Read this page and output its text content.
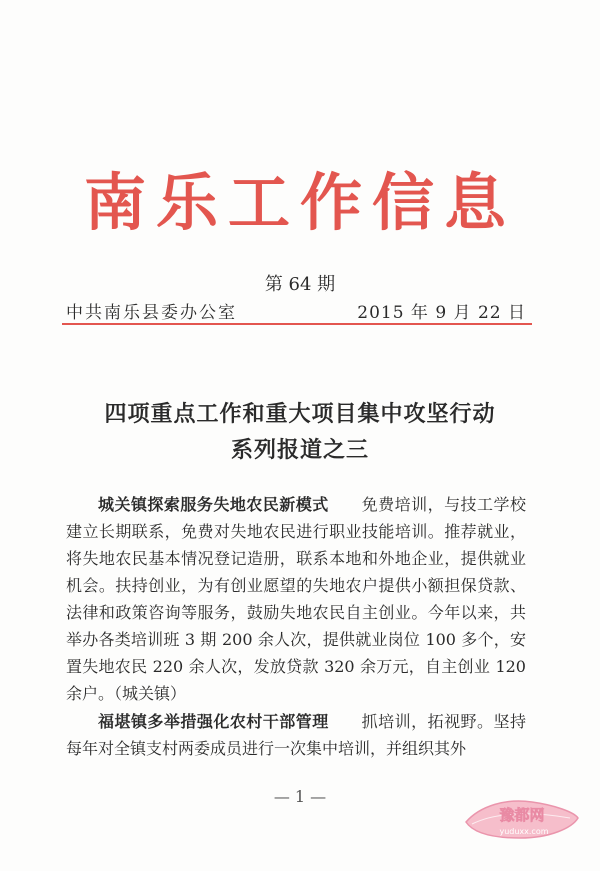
南乐工作信息
第 64 期
中共南乐县委办公室	2015 年 9 月 22 日
四项重点工作和重大项目集中攻坚行动
系列报道之三

城关镇探索服务失地农民新模式　　 免费培训，与技工学校建立长期联系，免费对失地农民进行职业技能培训。推荐就业，将失地农民基本情况登记造册，联系本地和外地企业，提供就业机会。扶持创业，为有创业愿望的失地农户提供小额担保贷款、法律和政策咨询等服务，鼓励失地农民自主创业。今年以来，共举办各类培训班 3 期 200 余人次，提供就业岗位 100 多个，安置失地农民 220 余人次，发放贷款 320 余万元，自主创业 120 余户。（城关镇）

福堪镇多举措强化农村干部管理　　 抓培训，拓视野。坚持每年对全镇支村两委成员进行一次集中培训，并组织其外

— 1 —
豫都网
yuduxx.com
